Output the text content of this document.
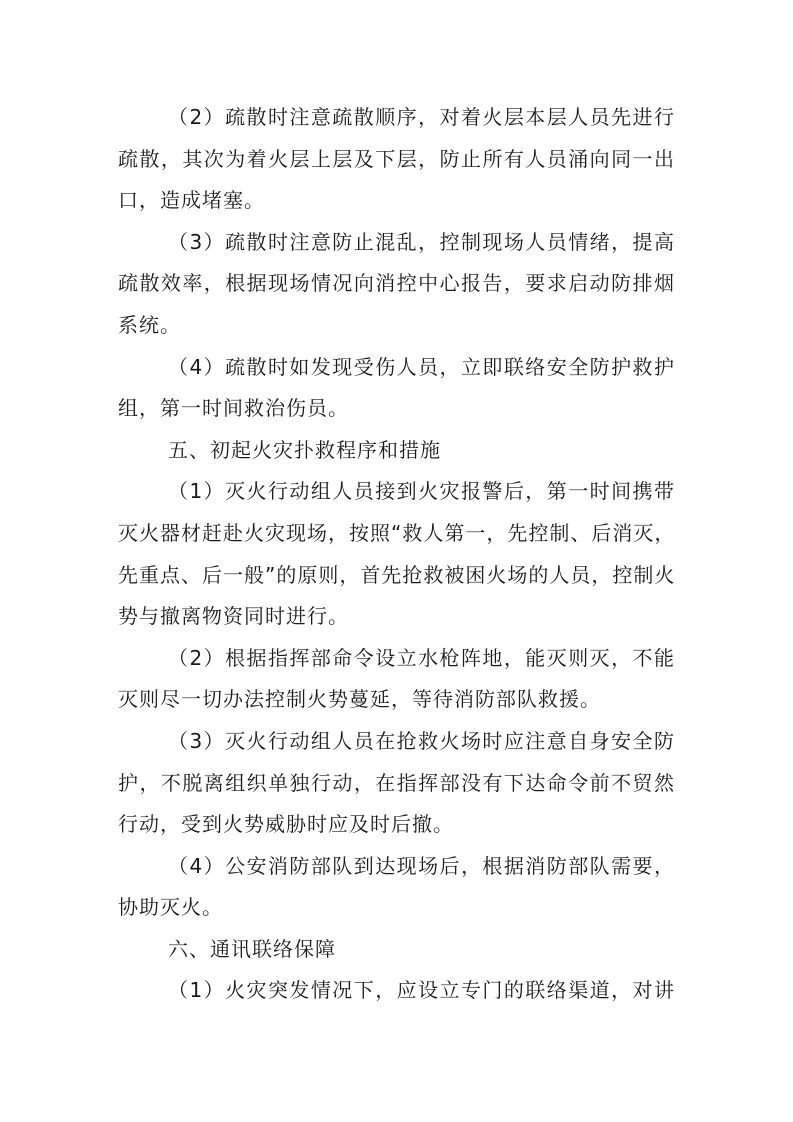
（2）疏散时注意疏散顺序，对着火层本层人员先进行
疏散，其次为着火层上层及下层，防止所有人员涌向同一出
口，造成堵塞。
（3）疏散时注意防止混乱，控制现场人员情绪，提高
疏散效率，根据现场情况向消控中心报告，要求启动防排烟
系统。
（4）疏散时如发现受伤人员，立即联络安全防护救护
组，第一时间救治伤员。
五、初起火灾扑救程序和措施
（1）灭火行动组人员接到火灾报警后，第一时间携带
灭火器材赶赴火灾现场，按照“救人第一，先控制、后消灭，
先重点、后一般”的原则，首先抢救被困火场的人员，控制火
势与撤离物资同时进行。
（2）根据指挥部命令设立水枪阵地，能灭则灭，不能
灭则尽一切办法控制火势蔓延，等待消防部队救援。
（3）灭火行动组人员在抢救火场时应注意自身安全防
护，不脱离组织单独行动，在指挥部没有下达命令前不贸然
行动，受到火势威胁时应及时后撤。
（4）公安消防部队到达现场后，根据消防部队需要，
协助灭火。
六、通讯联络保障
（1）火灾突发情况下，应设立专门的联络渠道，对讲
